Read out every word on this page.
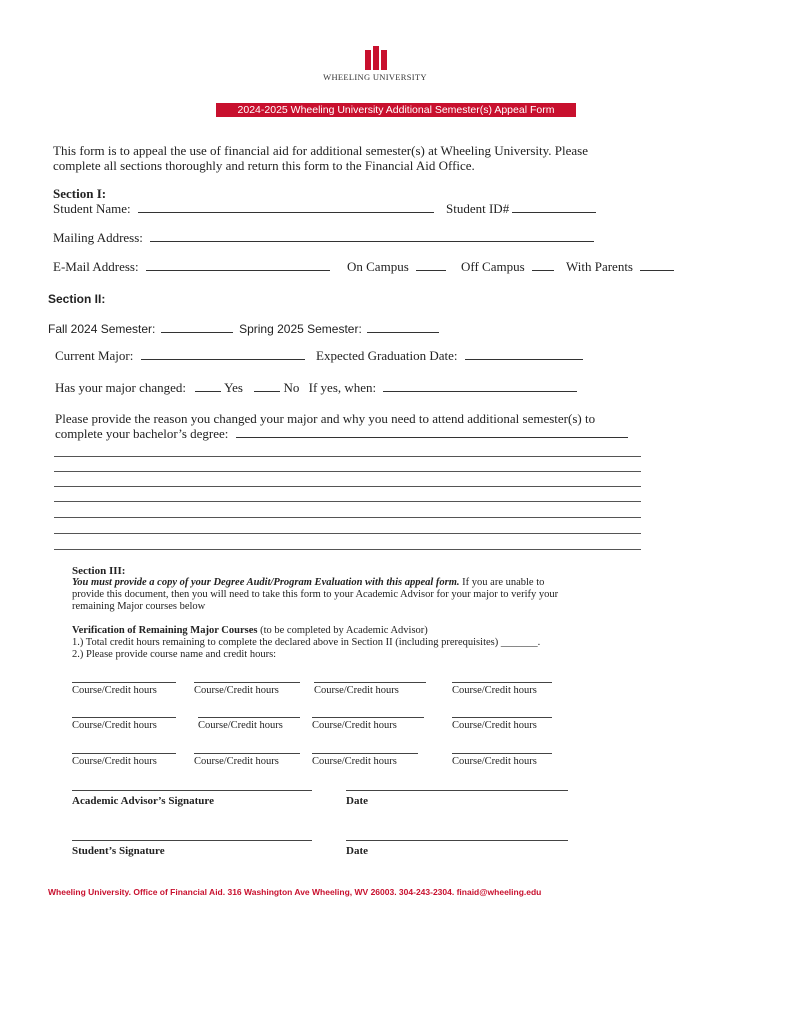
WHEELING UNIVERSITY
2024-2025 Wheeling University Additional Semester(s) Appeal Form
This form is to appeal the use of financial aid for additional semester(s) at Wheeling University. Please
complete all sections thoroughly and return this form to the Financial Aid Office.
Section I:
Student Name:	Student ID#
Mailing Address:
E-Mail Address:	On Campus	Off Campus	With Parents
Section II:
Fall 2024 Semester:	Spring 2025 Semester:
Current Major:	Expected Graduation Date:
Has your major changed:	Yes	No If yes, when:
Please provide the reason you changed your major and why you need to attend additional semester(s) to
complete your bachelor’s degree:
Section III:
You must provide a copy of your Degree Audit/Program Evaluation with this appeal form. If you are unable to
provide this document, then you will need to take this form to your Academic Advisor for your major to verify your
remaining Major courses below
Verification of Remaining Major Courses (to be completed by Academic Advisor)
1.) Total credit hours remaining to complete the declared above in Section II (including prerequisites) _______.
2.) Please provide course name and credit hours:
Course/Credit hours	Course/Credit hours	Course/Credit hours	Course/Credit hours
Course/Credit hours	Course/Credit hours	Course/Credit hours	Course/Credit hours
Course/Credit hours	Course/Credit hours	Course/Credit hours	Course/Credit hours
Academic Advisor’s Signature	Date
Student’s Signature	Date
Wheeling University. Office of Financial Aid. 316 Washington Ave Wheeling, WV 26003. 304-243-2304. finaid@wheeling.edu
